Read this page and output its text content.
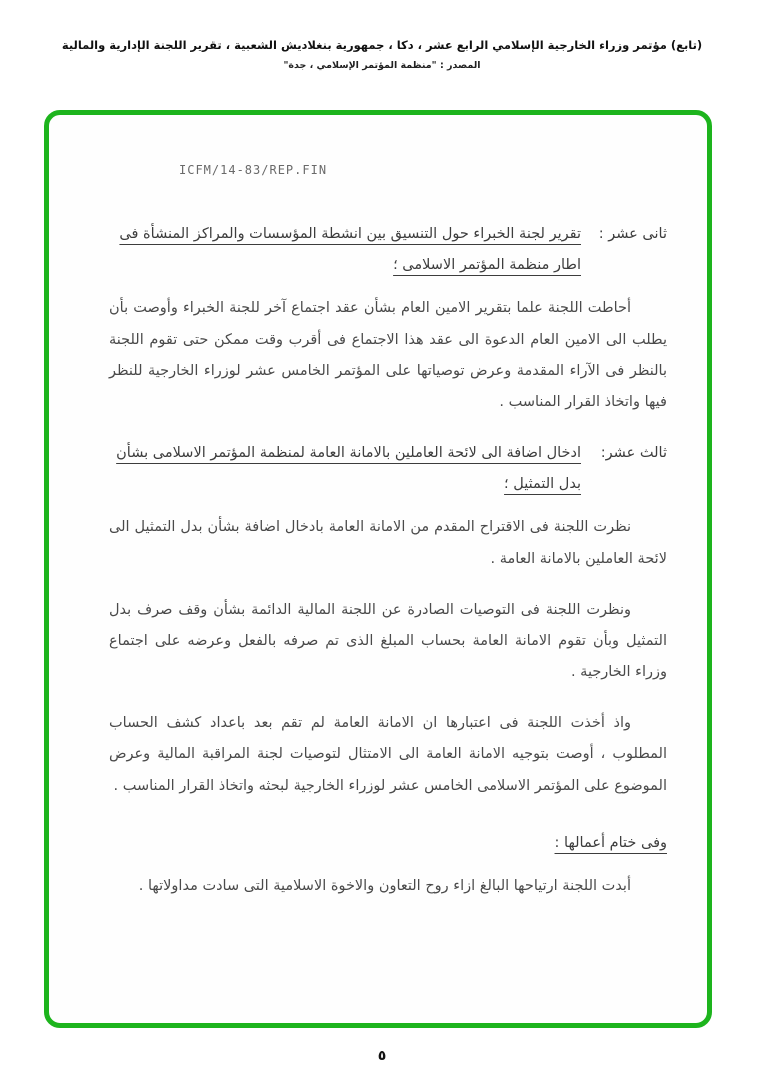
(تابع) مؤتمر وزراء الخارجية الإسلامي الرابع عشر ، دكا ، جمهورية بنغلاديش الشعبية ، تقرير اللجنة الإدارية والمالية
المصدر : "منظمة المؤتمر الإسلامي ، جدة"
ICFM/14-83/REP.FIN
ثانى عشر :
تقرير لجنة الخبراء حول التنسيق بين انشطة المؤسسات والمراكز المنشأة فى اطار منظمة المؤتمر الاسلامى ؛

أحاطت اللجنة علما بتقرير الامين العام بشأن عقد اجتماع آخر للجنة الخبراء وأوصت بأن يطلب الى الامين العام الدعوة الى عقد هذا الاجتماع فى أقرب وقت ممكن حتى تقوم اللجنة بالنظر فى الآراء المقدمة وعرض توصياتها على المؤتمر الخامس عشر لوزراء الخارجية للنظر فيها واتخاذ القرار المناسب .

ثالث عشر:
ادخال اضافة الى لائحة العاملين بالامانة العامة لمنظمة المؤتمر الاسلامى بشأن بدل التمثيل ؛

نظرت اللجنة فى الاقتراح المقدم من الامانة العامة بادخال اضافة بشأن بدل التمثيل الى لائحة العاملين بالامانة العامة .

ونظرت اللجنة فى التوصيات الصادرة عن اللجنة المالية الدائمة بشأن وقف صرف بدل التمثيل وبأن تقوم الامانة العامة بحساب المبلغ الذى تم صرفه بالفعل وعرضه على اجتماع وزراء الخارجية .

واذ أخذت اللجنة فى اعتبارها ان الامانة العامة لم تقم بعد باعداد كشف الحساب المطلوب ، أوصت بتوجيه الامانة العامة الى الامتثال لتوصيات لجنة المراقبة المالية وعرض الموضوع على المؤتمر الاسلامى الخامس عشر لوزراء الخارجية لبحثه واتخاذ القرار المناسب .

وفى ختام أعمالها :

أبدت اللجنة ارتياحها البالغ ازاء روح التعاون والاخوة الاسلامية التى سادت مداولاتها .

٥
